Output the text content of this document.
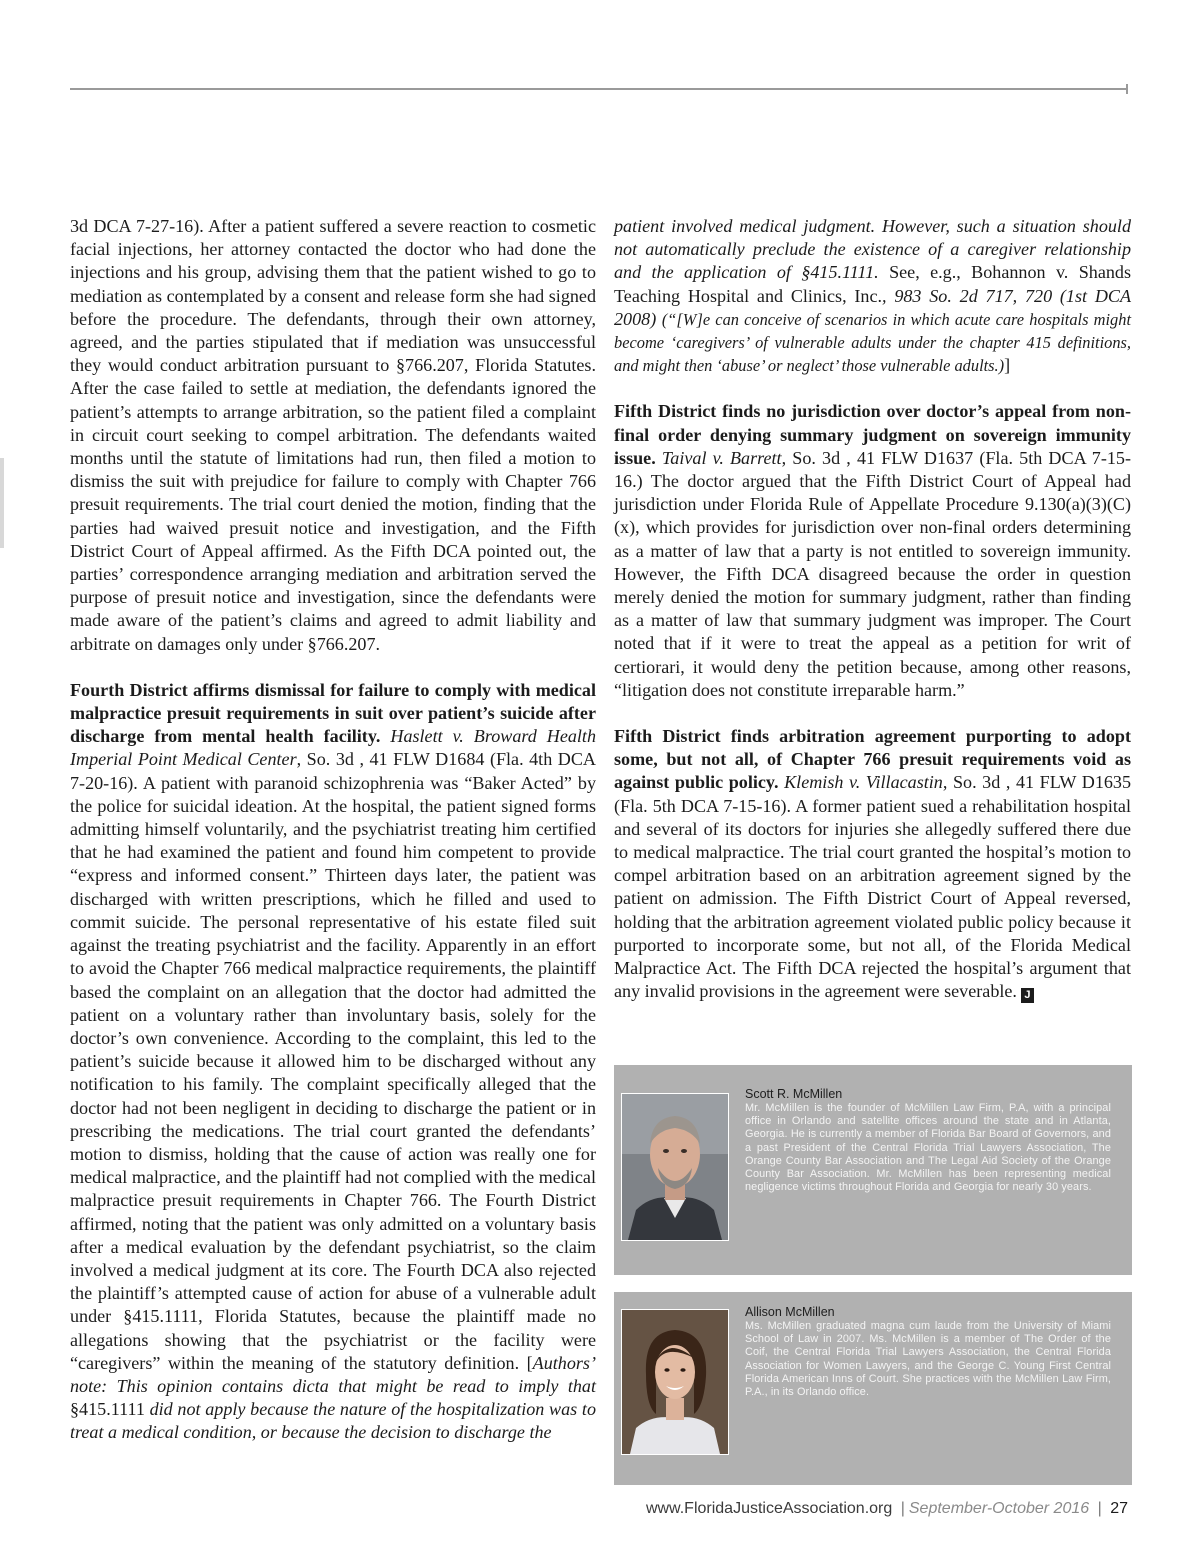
3d DCA 7-27-16). After a patient suffered a severe reaction to cosmetic facial injections, her attorney contacted the doctor who had done the injections and his group, advising them that the patient wished to go to mediation as contemplated by a consent and release form she had signed before the procedure. The defendants, through their own attorney, agreed, and the parties stipulated that if mediation was unsuccessful they would conduct arbitration pursuant to §766.207, Florida Statutes. After the case failed to settle at mediation, the defendants ignored the patient’s attempts to arrange arbitration, so the patient filed a complaint in circuit court seeking to compel arbitration. The defendants waited months until the statute of limitations had run, then filed a motion to dismiss the suit with prejudice for failure to comply with Chapter 766 presuit requirements. The trial court denied the motion, finding that the parties had waived presuit notice and investigation, and the Fifth District Court of Appeal affirmed. As the Fifth DCA pointed out, the parties’ correspondence arranging mediation and arbitration served the purpose of presuit notice and investigation, since the defendants were made aware of the patient’s claims and agreed to admit liability and arbitrate on damages only under §766.207.

Fourth District affirms dismissal for failure to comply with medical malpractice presuit requirements in suit over patient’s suicide after discharge from mental health facility. Haslett v. Broward Health Imperial Point Medical Center, So. 3d , 41 FLW D1684 (Fla. 4th DCA 7-20-16). A patient with paranoid schizophrenia was “Baker Acted” by the police for suicidal ideation. At the hospital, the patient signed forms admitting himself voluntarily, and the psychiatrist treating him certified that he had examined the patient and found him competent to provide “express and informed consent.” Thirteen days later, the patient was discharged with written prescriptions, which he filled and used to commit suicide. The personal representative of his estate filed suit against the treating psychiatrist and the facility. Apparently in an effort to avoid the Chapter 766 medical malpractice requirements, the plaintiff based the complaint on an allegation that the doctor had admitted the patient on a voluntary rather than involuntary basis, solely for the doctor’s own convenience. According to the complaint, this led to the patient’s suicide because it allowed him to be discharged without any notification to his family. The complaint specifically alleged that the doctor had not been negligent in deciding to discharge the patient or in prescribing the medications. The trial court granted the defendants’ motion to dismiss, holding that the cause of action was really one for medical malpractice, and the plaintiff had not complied with the medical malpractice presuit requirements in Chapter 766. The Fourth District affirmed, noting that the patient was only admitted on a voluntary basis after a medical evaluation by the defendant psychiatrist, so the claim involved a medical judgment at its core. The Fourth DCA also rejected the plaintiff’s attempted cause of action for abuse of a vulnerable adult under §415.1111, Florida Statutes, because the plaintiff made no allegations showing that the psychiatrist or the facility were “caregivers” within the meaning of the statutory definition. [Authors’ note: This opinion contains dicta that might be read to imply that §415.1111 did not apply because the nature of the hospitalization was to treat a medical condition, or because the decision to discharge the

patient involved medical judgment. However, such a situation should not automatically preclude the existence of a caregiver relationship and the application of §415.1111. See, e.g., Bohannon v. Shands Teaching Hospital and Clinics, Inc., 983 So. 2d 717, 720 (1st DCA 2008) (“[W]e can conceive of scenarios in which acute care hospitals might become ‘caregivers’ of vulnerable adults under the chapter 415 definitions, and might then ‘abuse’ or neglect’ those vulnerable adults.)]

Fifth District finds no jurisdiction over doctor’s appeal from non-final order denying summary judgment on sovereign immunity issue. Taival v. Barrett, So. 3d , 41 FLW D1637 (Fla. 5th DCA 7-15-16.) The doctor argued that the Fifth District Court of Appeal had jurisdiction under Florida Rule of Appellate Procedure 9.130(a)(3)(C)(x), which provides for jurisdiction over non-final orders determining as a matter of law that a party is not entitled to sovereign immunity. However, the Fifth DCA disagreed because the order in question merely denied the motion for summary judgment, rather than finding as a matter of law that summary judgment was improper. The Court noted that if it were to treat the appeal as a petition for writ of certiorari, it would deny the petition because, among other reasons, “litigation does not constitute irreparable harm.”

Fifth District finds arbitration agreement purporting to adopt some, but not all, of Chapter 766 presuit requirements void as against public policy. Klemish v. Villacastin, So. 3d , 41 FLW D1635 (Fla. 5th DCA 7-15-16). A former patient sued a rehabilitation hospital and several of its doctors for injuries she allegedly suffered there due to medical malpractice. The trial court granted the hospital’s motion to compel arbitration based on an arbitration agreement signed by the patient on admission. The Fifth District Court of Appeal reversed, holding that the arbitration agreement violated public policy because it purported to incorporate some, but not all, of the Florida Medical Malpractice Act. The Fifth DCA rejected the hospital’s argument that any invalid provisions in the agreement were severable. J

Scott R. McMillen
Mr. McMillen is the founder of McMillen Law Firm, P.A, with a principal office in Orlando and satellite offices around the state and in Atlanta, Georgia. He is currently a member of Florida Bar Board of Governors, and a past President of the Central Florida Trial Lawyers Association, The Orange County Bar Association and The Legal Aid Society of the Orange County Bar Association. Mr. McMillen has been representing medical negligence victims throughout Florida and Georgia for nearly 30 years.
Allison McMillen
Ms. McMillen graduated magna cum laude from the University of Miami School of Law in 2007. Ms. McMillen is a member of The Order of the Coif, the Central Florida Trial Lawyers Association, the Central Florida Association for Women Lawyers, and the George C. Young First Central Florida American Inns of Court. She practices with the McMillen Law Firm, P.A., in its Orlando office.
www.FloridaJusticeAssociation.org | September-October 2016 | 27
